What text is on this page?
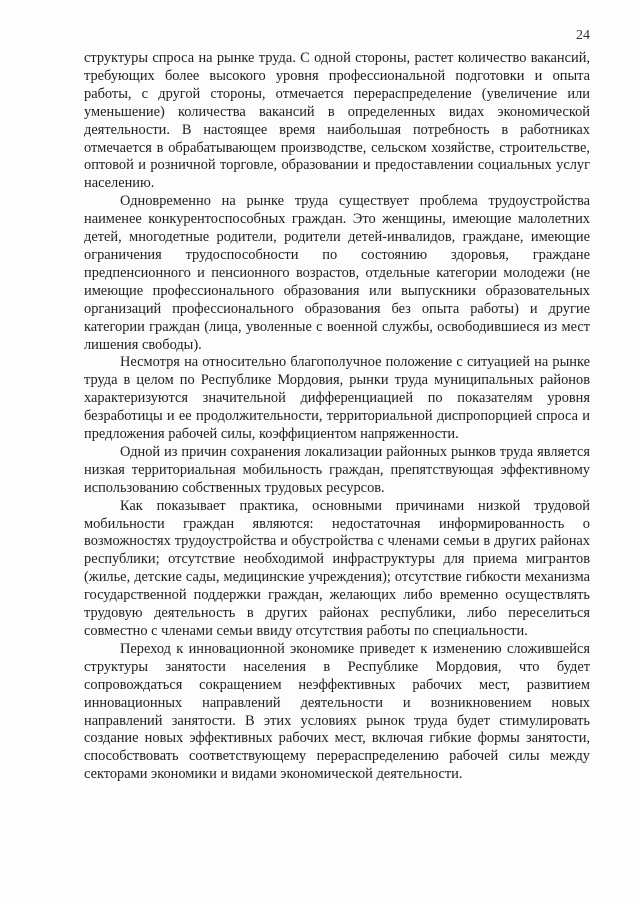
24

структуры спроса на рынке труда. С одной стороны, растет количество вакансий, требующих более высокого уровня профессиональной подготовки и опыта работы, с другой стороны, отмечается перераспределение (увеличение или уменьшение) количества вакансий в определенных видах экономической деятельности. В настоящее время наибольшая потребность в работниках отмечается в обрабатывающем производстве, сельском хозяйстве, строительстве, оптовой и розничной торговле, образовании и предоставлении социальных услуг населению.

Одновременно на рынке труда существует проблема трудоустройства наименее конкурентоспособных граждан. Это женщины, имеющие малолетних детей, многодетные родители, родители детей-инвалидов, граждане, имеющие ограничения трудоспособности по состоянию здоровья, граждане предпенсионного и пенсионного возрастов, отдельные категории молодежи (не имеющие профессионального образования или выпускники образовательных организаций профессионального образования без опыта работы) и другие категории граждан (лица, уволенные с военной службы, освободившиеся из мест лишения свободы).

Несмотря на относительно благополучное положение с ситуацией на рынке труда в целом по Республике Мордовия, рынки труда муниципальных районов характеризуются значительной дифференциацией по показателям уровня безработицы и ее продолжительности, территориальной диспропорцией спроса и предложения рабочей силы, коэффициентом напряженности.

Одной из причин сохранения локализации районных рынков труда является низкая территориальная мобильность граждан, препятствующая эффективному использованию собственных трудовых ресурсов.

Как показывает практика, основными причинами низкой трудовой мобильности граждан являются: недостаточная информированность о возможностях трудоустройства и обустройства с членами семьи в других районах республики; отсутствие необходимой инфраструктуры для приема мигрантов (жилье, детские сады, медицинские учреждения); отсутствие гибкости механизма государственной поддержки граждан, желающих либо временно осуществлять трудовую деятельность в других районах республики, либо переселиться совместно с членами семьи ввиду отсутствия работы по специальности.

Переход к инновационной экономике приведет к изменению сложившейся структуры занятости населения в Республике Мордовия, что будет сопровождаться сокращением неэффективных рабочих мест, развитием инновационных направлений деятельности и возникновением новых направлений занятости. В этих условиях рынок труда будет стимулировать создание новых эффективных рабочих мест, включая гибкие формы занятости, способствовать соответствующему перераспределению рабочей силы между секторами экономики и видами экономической деятельности.
